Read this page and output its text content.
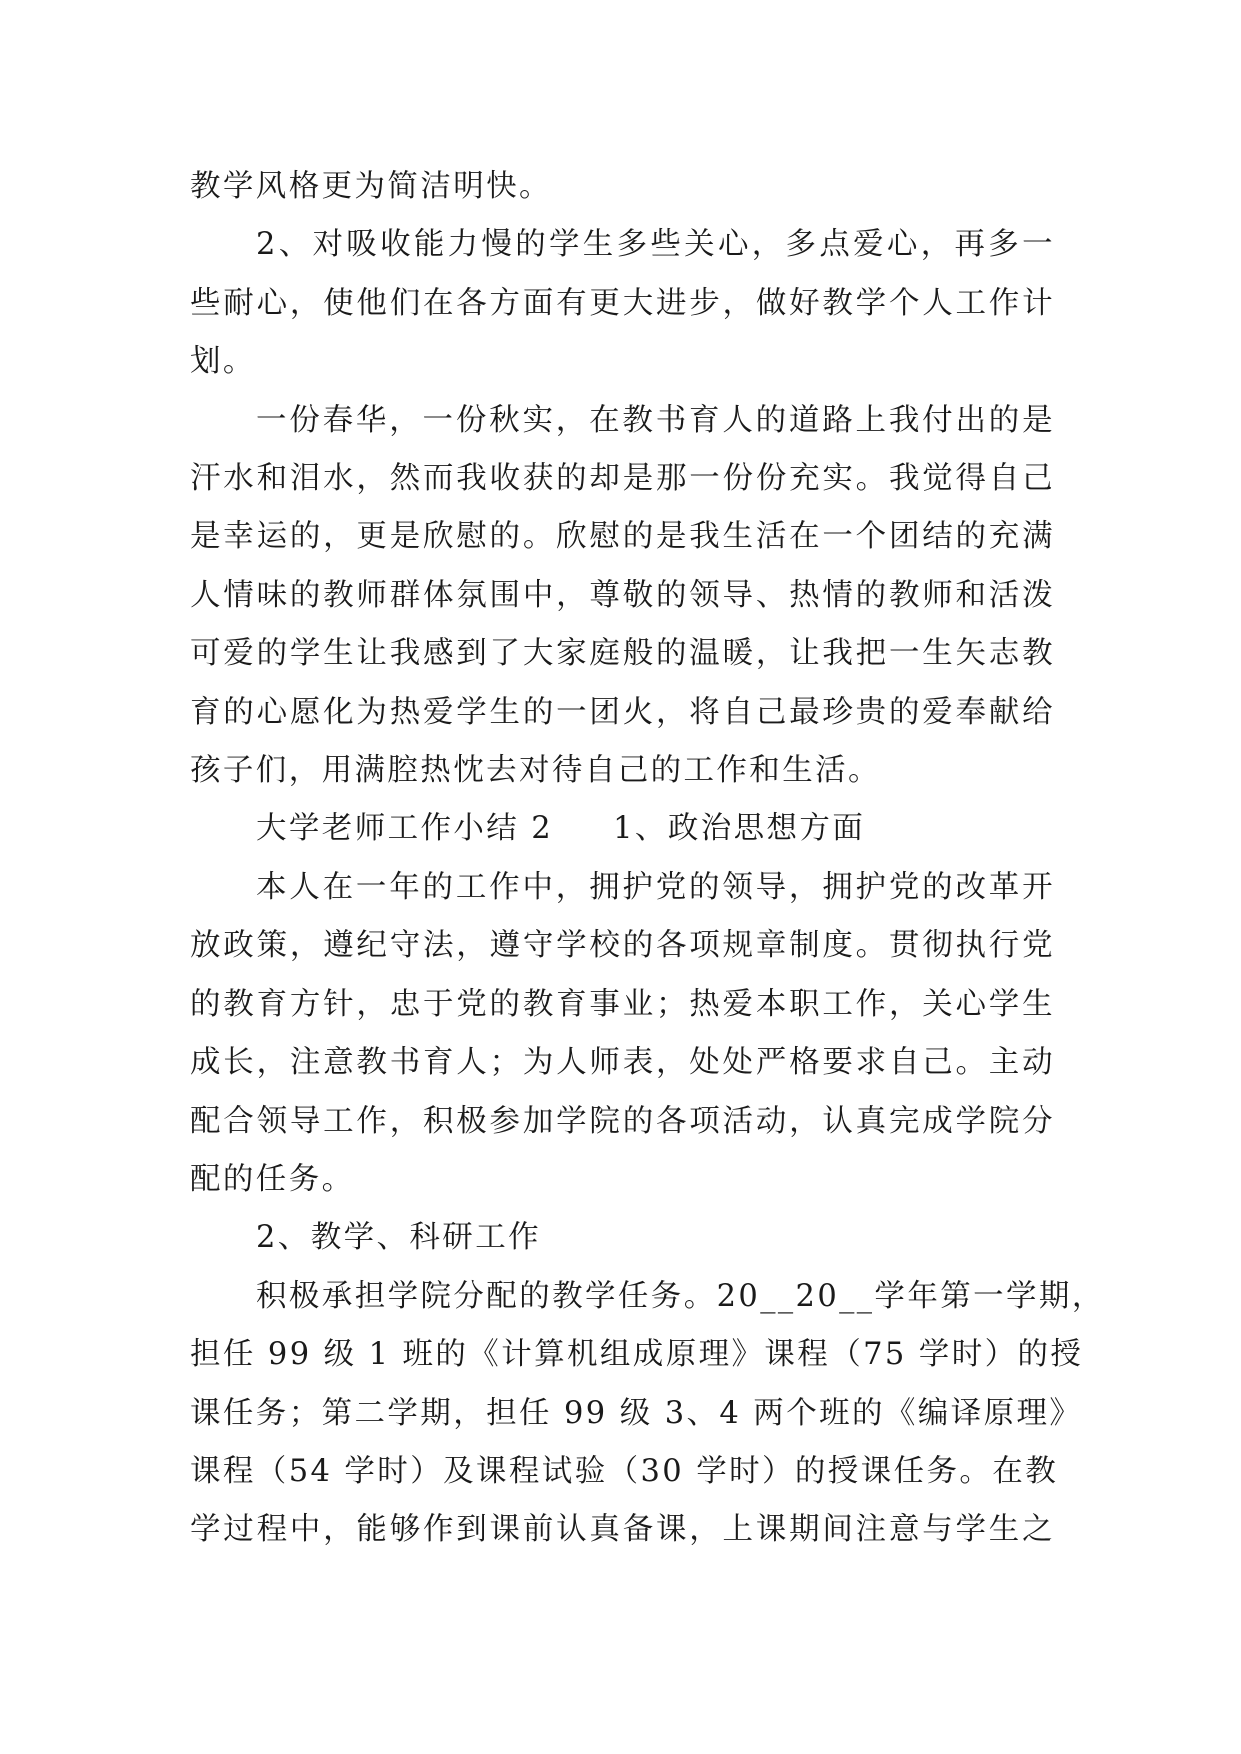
教学风格更为简洁明快。
2、对吸收能力慢的学生多些关心，多点爱心，再多一
些耐心，使他们在各方面有更大进步，做好教学个人工作计
划。
一份春华，一份秋实，在教书育人的道路上我付出的是
汗水和泪水，然而我收获的却是那一份份充实。我觉得自己
是幸运的，更是欣慰的。欣慰的是我生活在一个团结的充满
人情味的教师群体氛围中，尊敬的领导、热情的教师和活泼
可爱的学生让我感到了大家庭般的温暖，让我把一生矢志教
育的心愿化为热爱学生的一团火，将自己最珍贵的爱奉献给
孩子们，用满腔热忱去对待自己的工作和生活。
大学老师工作小结 2 1、政治思想方面
本人在一年的工作中，拥护党的领导，拥护党的改革开
放政策，遵纪守法，遵守学校的各项规章制度。贯彻执行党
的教育方针，忠于党的教育事业；热爱本职工作，关心学生
成长，注意教书育人；为人师表，处处严格要求自己。主动
配合领导工作，积极参加学院的各项活动，认真完成学院分
配的任务。
2、教学、科研工作
积极承担学院分配的教学任务。20__20__学年第一学期，
担任 99 级 1 班的《计算机组成原理》课程（75 学时）的授
课任务；第二学期，担任 99 级 3、4 两个班的《编译原理》
课程（54 学时）及课程试验（30 学时）的授课任务。在教
学过程中，能够作到课前认真备课，上课期间注意与学生之
